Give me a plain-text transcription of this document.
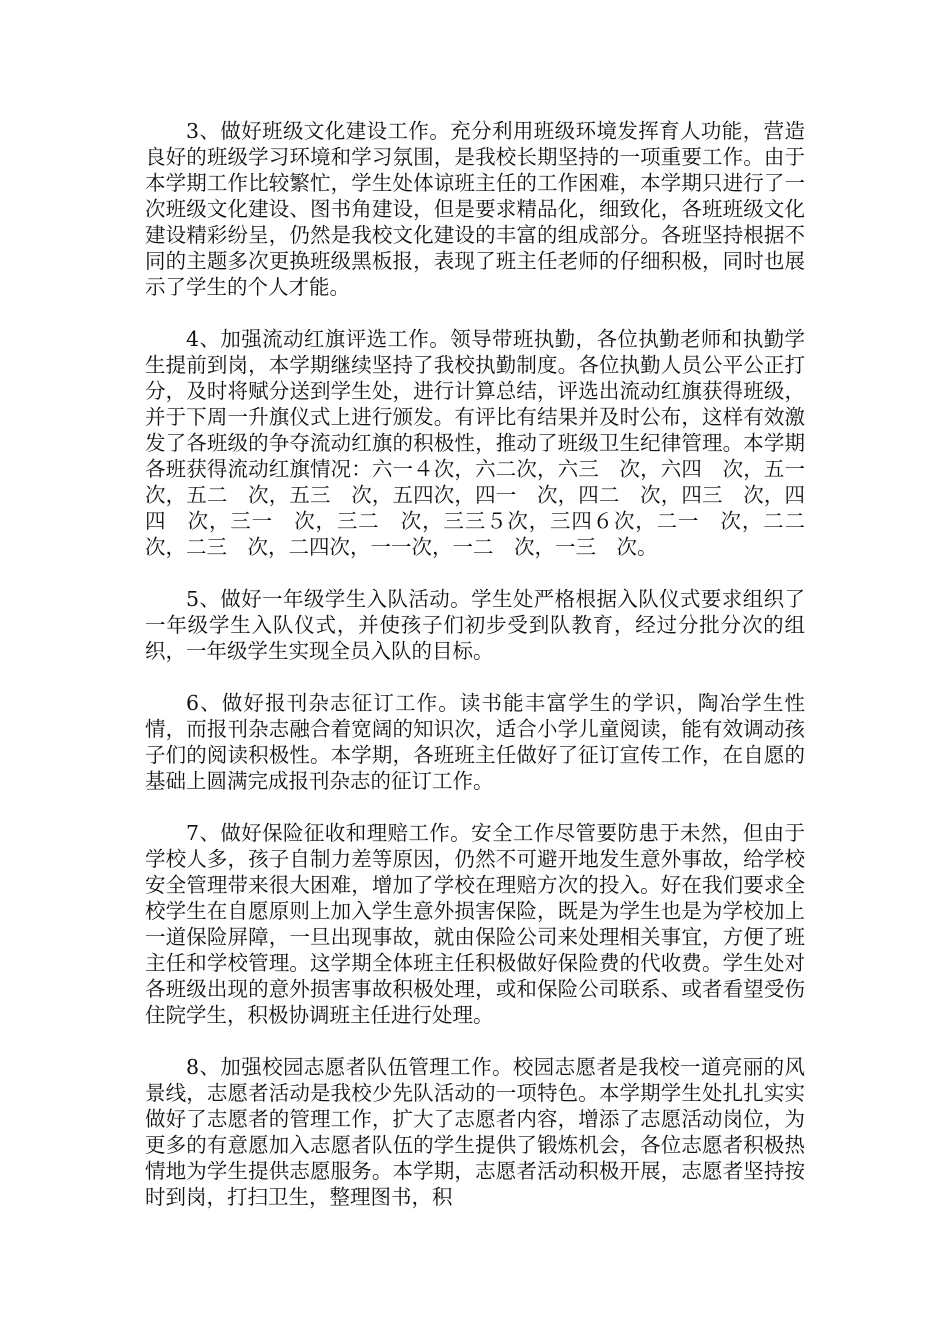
3、做好班级文化建设工作。充分利用班级环境发挥育人功能，营造良好的班级学习环境和学习氛围，是我校长期坚持的一项重要工作。由于本学期工作比较繁忙，学生处体谅班主任的工作困难，本学期只进行了一次班级文化建设、图书角建设，但是要求精品化，细致化，各班班级文化建设精彩纷呈，仍然是我校文化建设的丰富的组成部分。各班坚持根据不同的主题多次更换班级黑板报，表现了班主任老师的仔细积极，同时也展示了学生的个人才能。

4、加强流动红旗评选工作。领导带班执勤，各位执勤老师和执勤学生提前到岗，本学期继续坚持了我校执勤制度。各位执勤人员公平公正打分，及时将赋分送到学生处，进行计算总结，评选出流动红旗获得班级，并于下周一升旗仪式上进行颁发。有评比有结果并及时公布，这样有效激发了各班级的争夺流动红旗的积极性，推动了班级卫生纪律管理。本学期各班获得流动红旗情况：六一４次，六二次，六三　次，六四　次，五一　次，五二　次，五三　次，五四次，四一　次，四二　次，四三　次，四四　次，三一　次，三二　次，三三５次，三四６次，二一　次，二二　次，二三　次，二四次，一一次，一二　次，一三　次。

5、做好一年级学生入队活动。学生处严格根据入队仪式要求组织了一年级学生入队仪式，并使孩子们初步受到队教育，经过分批分次的组织，一年级学生实现全员入队的目标。

6、做好报刊杂志征订工作。读书能丰富学生的学识，陶冶学生性情，而报刊杂志融合着宽阔的知识次，适合小学儿童阅读，能有效调动孩子们的阅读积极性。本学期，各班班主任做好了征订宣传工作，在自愿的基础上圆满完成报刊杂志的征订工作。

7、做好保险征收和理赔工作。安全工作尽管要防患于未然，但由于学校人多，孩子自制力差等原因，仍然不可避开地发生意外事故，给学校安全管理带来很大困难，增加了学校在理赔方次的投入。好在我们要求全校学生在自愿原则上加入学生意外损害保险，既是为学生也是为学校加上一道保险屏障，一旦出现事故，就由保险公司来处理相关事宜，方便了班主任和学校管理。这学期全体班主任积极做好保险费的代收费。学生处对各班级出现的意外损害事故积极处理，或和保险公司联系、或者看望受伤住院学生，积极协调班主任进行处理。

8、加强校园志愿者队伍管理工作。校园志愿者是我校一道亮丽的风景线，志愿者活动是我校少先队活动的一项特色。本学期学生处扎扎实实做好了志愿者的管理工作，扩大了志愿者内容，增添了志愿活动岗位，为更多的有意愿加入志愿者队伍的学生提供了锻炼机会，各位志愿者积极热情地为学生提供志愿服务。本学期，志愿者活动积极开展，志愿者坚持按时到岗，打扫卫生，整理图书，积
